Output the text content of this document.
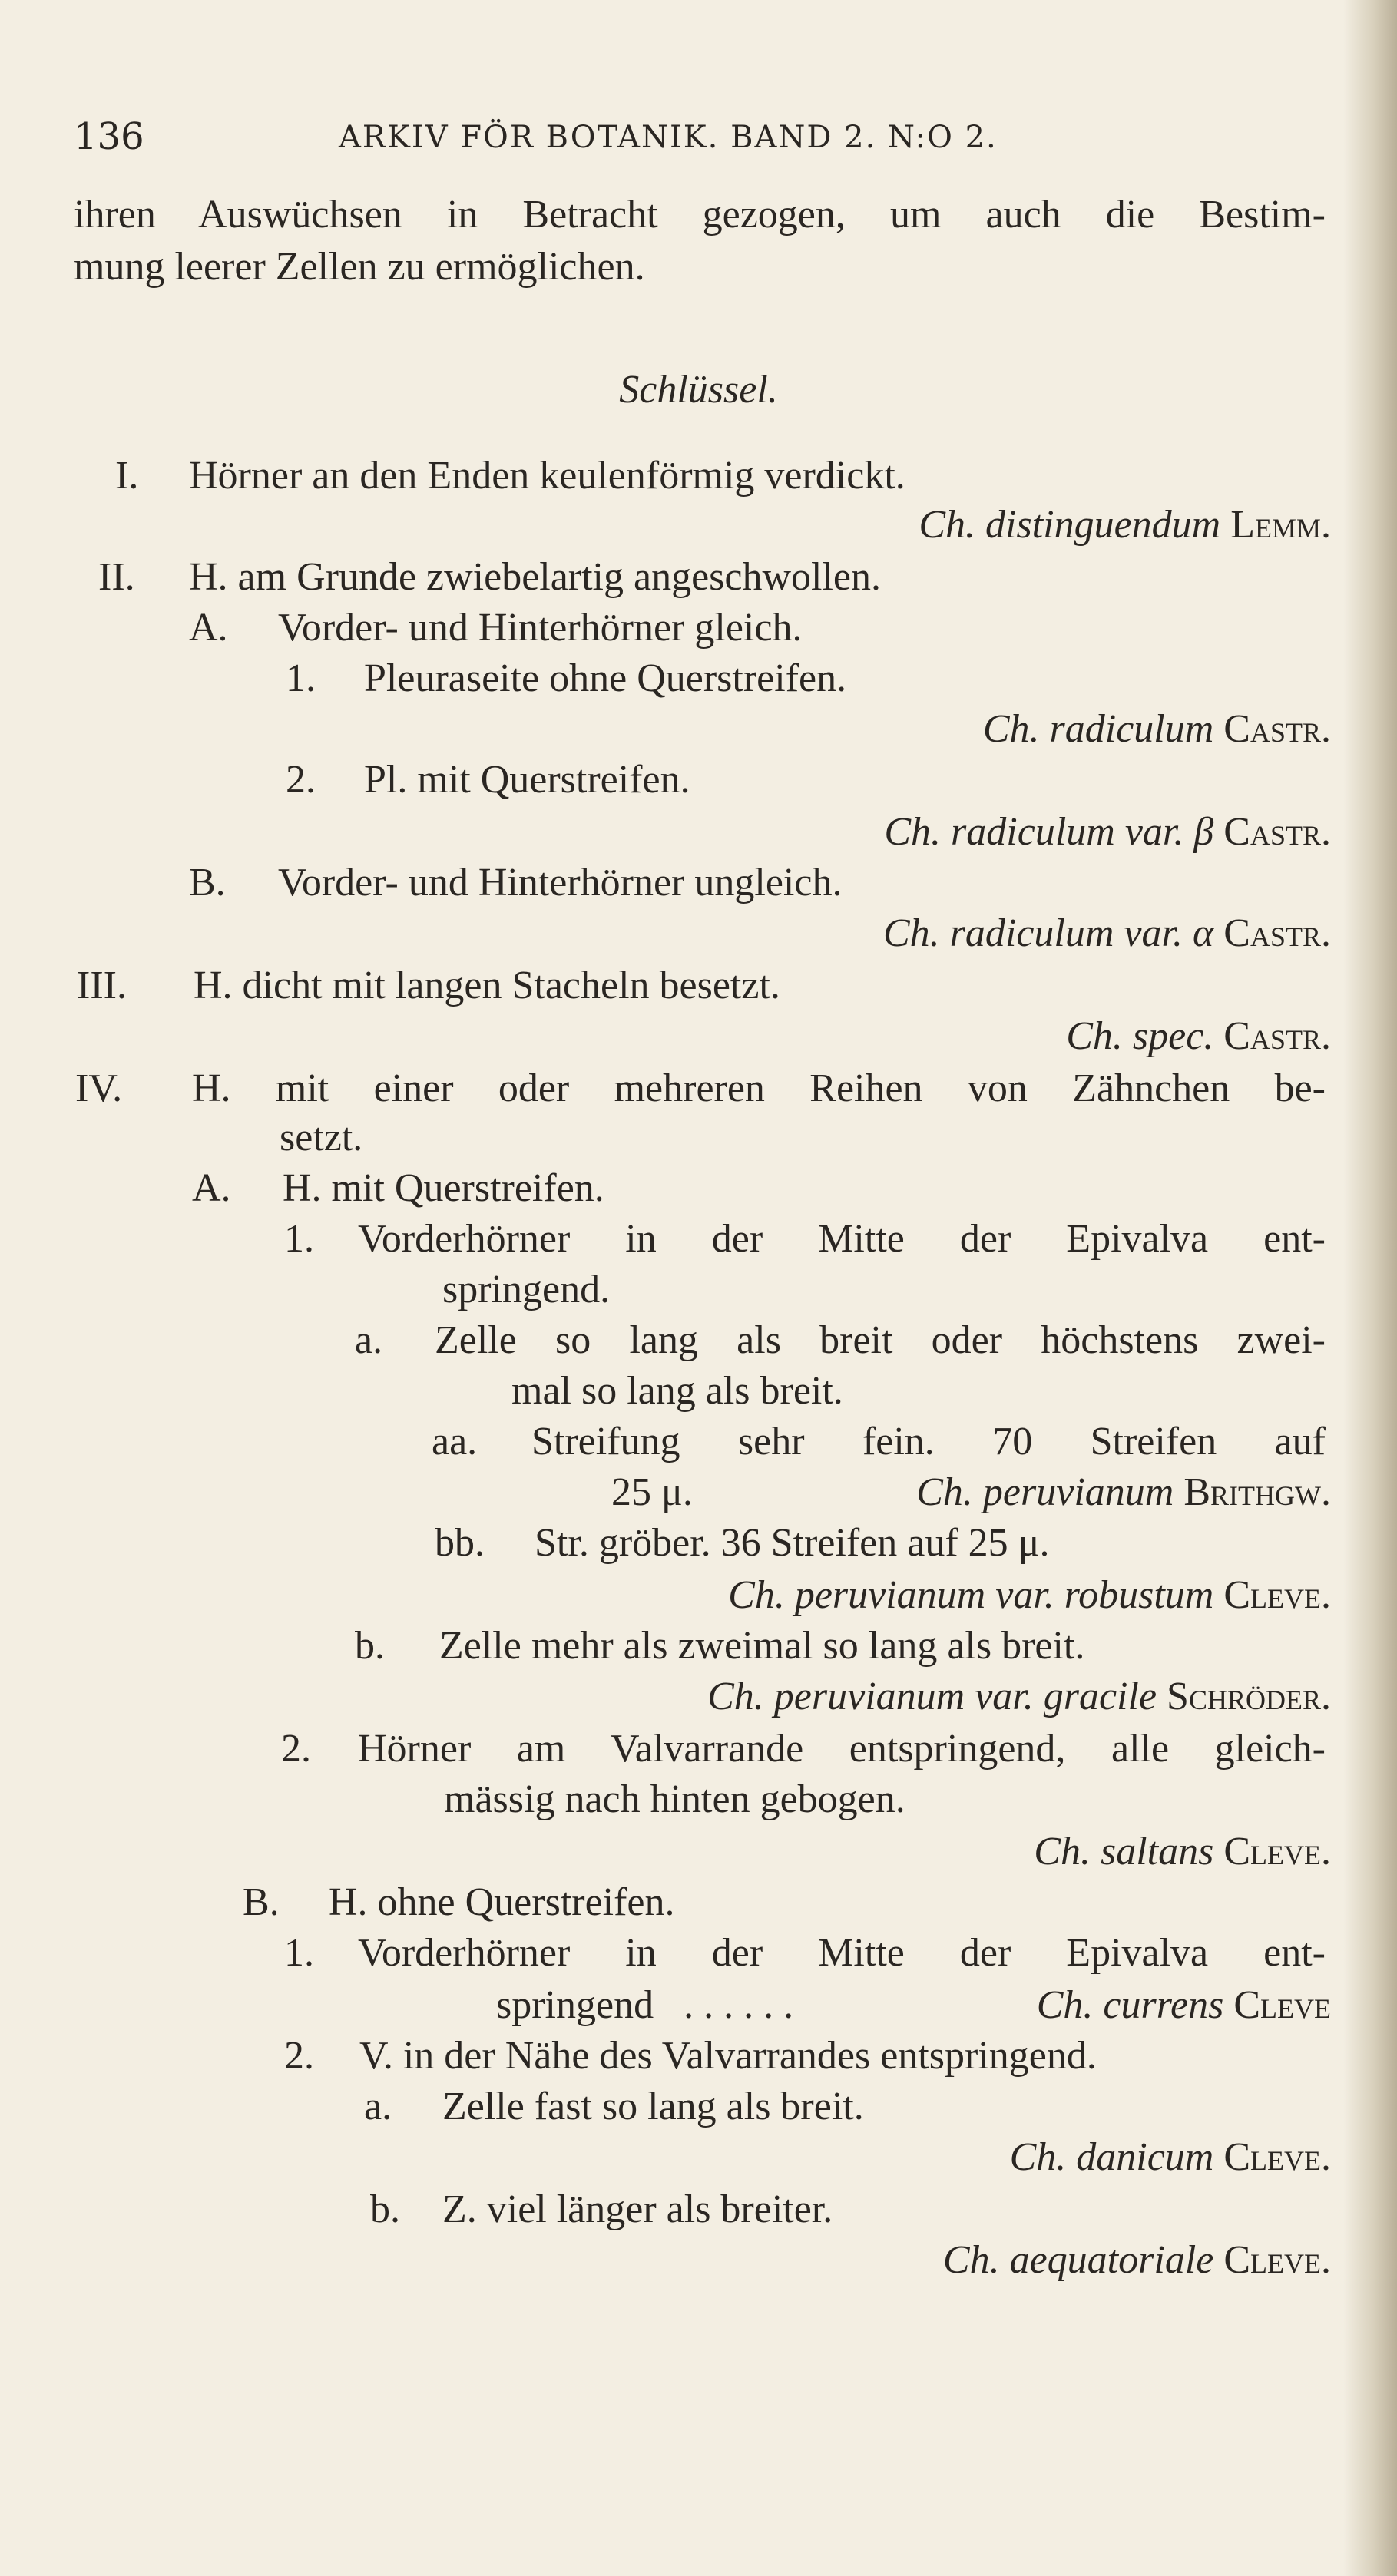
136	ARKIV FÖR BOTANIK. BAND 2. N:O 2.
ihren Auswüchsen in Betracht gezogen, um auch die Bestim-
mung leerer Zellen zu ermöglichen.
Schlüssel.
I. Hörner an den Enden keulenförmig verdickt.
Ch. distinguendum Lemm.
II. H. am Grunde zwiebelartig angeschwollen.
A. Vorder- und Hinterhörner gleich.
1. Pleuraseite ohne Querstreifen.
Ch. radiculum Castr.
2. Pl. mit Querstreifen.
Ch. radiculum var. β Castr.
B. Vorder- und Hinterhörner ungleich.
Ch. radiculum var. α Castr.
III. H. dicht mit langen Stacheln besetzt.
Ch. spec. Castr.
IV. H. mit einer oder mehreren Reihen von Zähnchen be-
setzt.
A. H. mit Querstreifen.
1. Vorderhörner in der Mitte der Epivalva ent-
springend.
a. Zelle so lang als breit oder höchstens zwei-
mal so lang als breit.
aa. Streifung sehr fein. 70 Streifen auf
25 μ.	Ch. peruvianum Brithgw.
bb. Str. gröber. 36 Streifen auf 25 μ.
Ch. peruvianum var. robustum Cleve.
b. Zelle mehr als zweimal so lang als breit.
Ch. peruvianum var. gracile Schröder.
2. Hörner am Valvarrande entspringend, alle gleich-
mässig nach hinten gebogen.
Ch. saltans Cleve.
B. H. ohne Querstreifen.
1. Vorderhörner in der Mitte der Epivalva ent-
springend . . . . . .	Ch. currens Cleve
2. V. in der Nähe des Valvarrandes entspringend.
a. Zelle fast so lang als breit.
Ch. danicum Cleve.
b. Z. viel länger als breiter.
Ch. aequatoriale Cleve.
